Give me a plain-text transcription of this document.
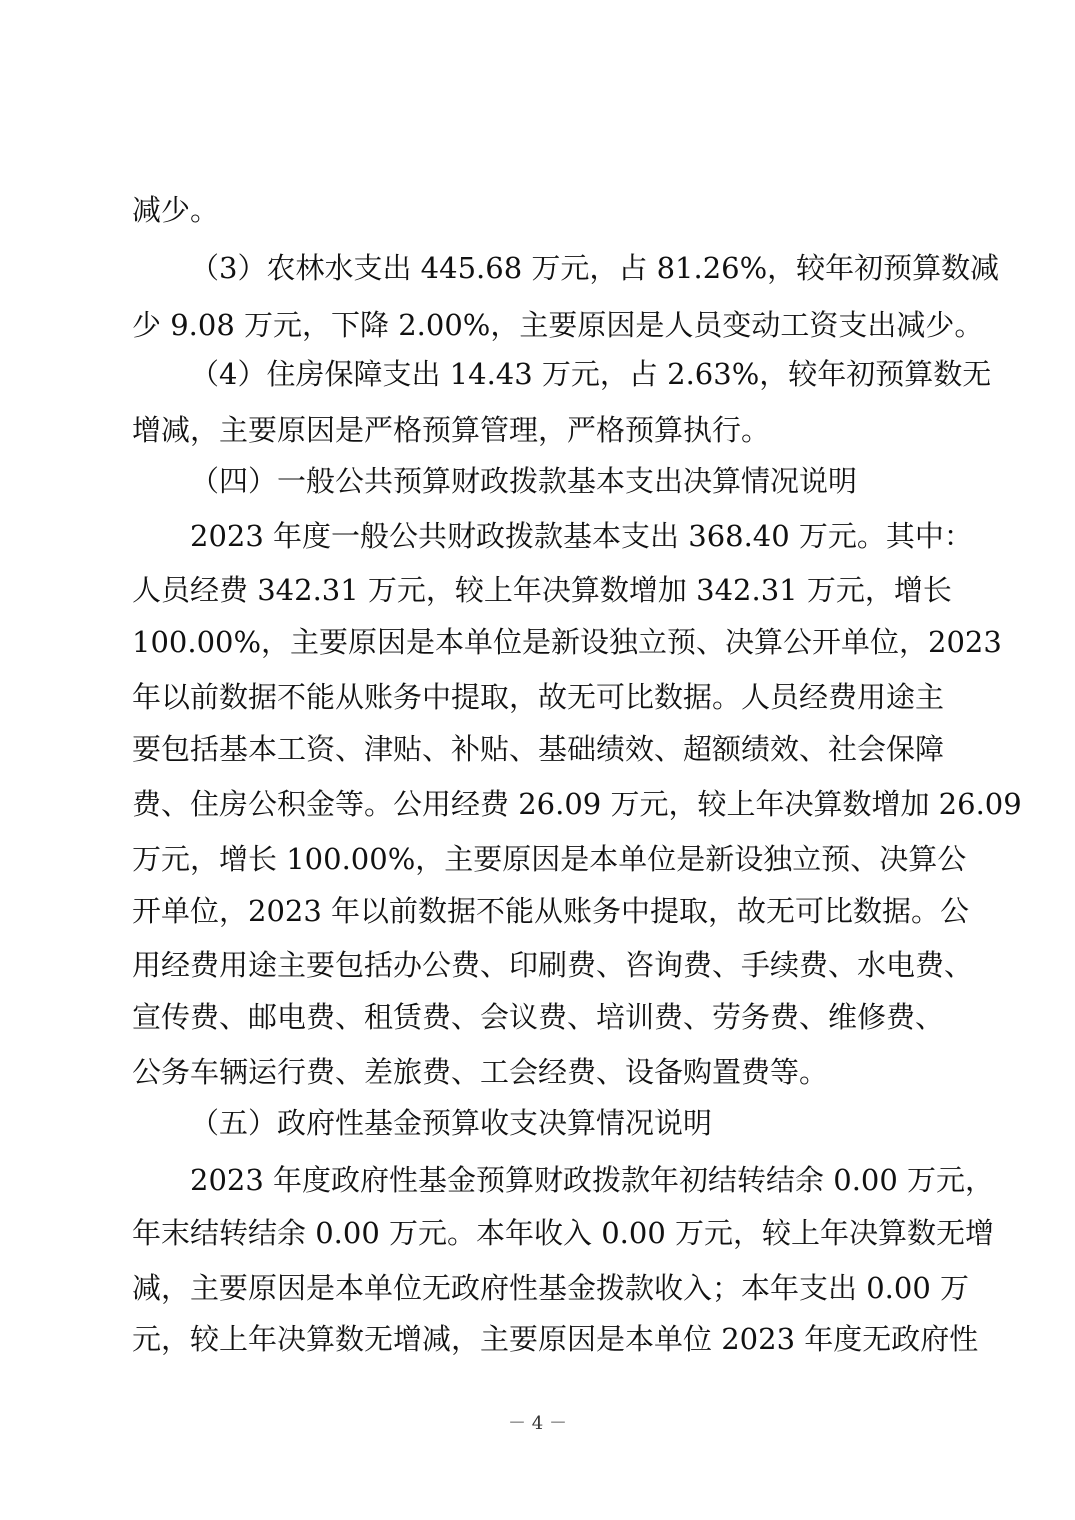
减少。
（3）农林水支出 445.68 万元，占 81.26%，较年初预算数减
少 9.08 万元，下降 2.00%，主要原因是人员变动工资支出减少。
（4）住房保障支出 14.43 万元，占 2.63%，较年初预算数无
增减，主要原因是严格预算管理，严格预算执行。
（四）一般公共预算财政拨款基本支出决算情况说明
2023 年度一般公共财政拨款基本支出 368.40 万元。其中：
人员经费 342.31 万元，较上年决算数增加 342.31 万元，增长
100.00%，主要原因是本单位是新设独立预、决算公开单位，2023
年以前数据不能从账务中提取，故无可比数据。人员经费用途主
要包括基本工资、津贴、补贴、基础绩效、超额绩效、社会保障
费、住房公积金等。公用经费 26.09 万元，较上年决算数增加 26.09
万元，增长 100.00%，主要原因是本单位是新设独立预、决算公
开单位，2023 年以前数据不能从账务中提取，故无可比数据。公
用经费用途主要包括办公费、印刷费、咨询费、手续费、水电费、
宣传费、邮电费、租赁费、会议费、培训费、劳务费、维修费、
公务车辆运行费、差旅费、工会经费、设备购置费等。
（五）政府性基金预算收支决算情况说明
2023 年度政府性基金预算财政拨款年初结转结余 0.00 万元，
年末结转结余 0.00 万元。本年收入 0.00 万元，较上年决算数无增
减，主要原因是本单位无政府性基金拨款收入；本年支出 0.00 万
元，较上年决算数无增减，主要原因是本单位 2023 年度无政府性
－ 4 －
